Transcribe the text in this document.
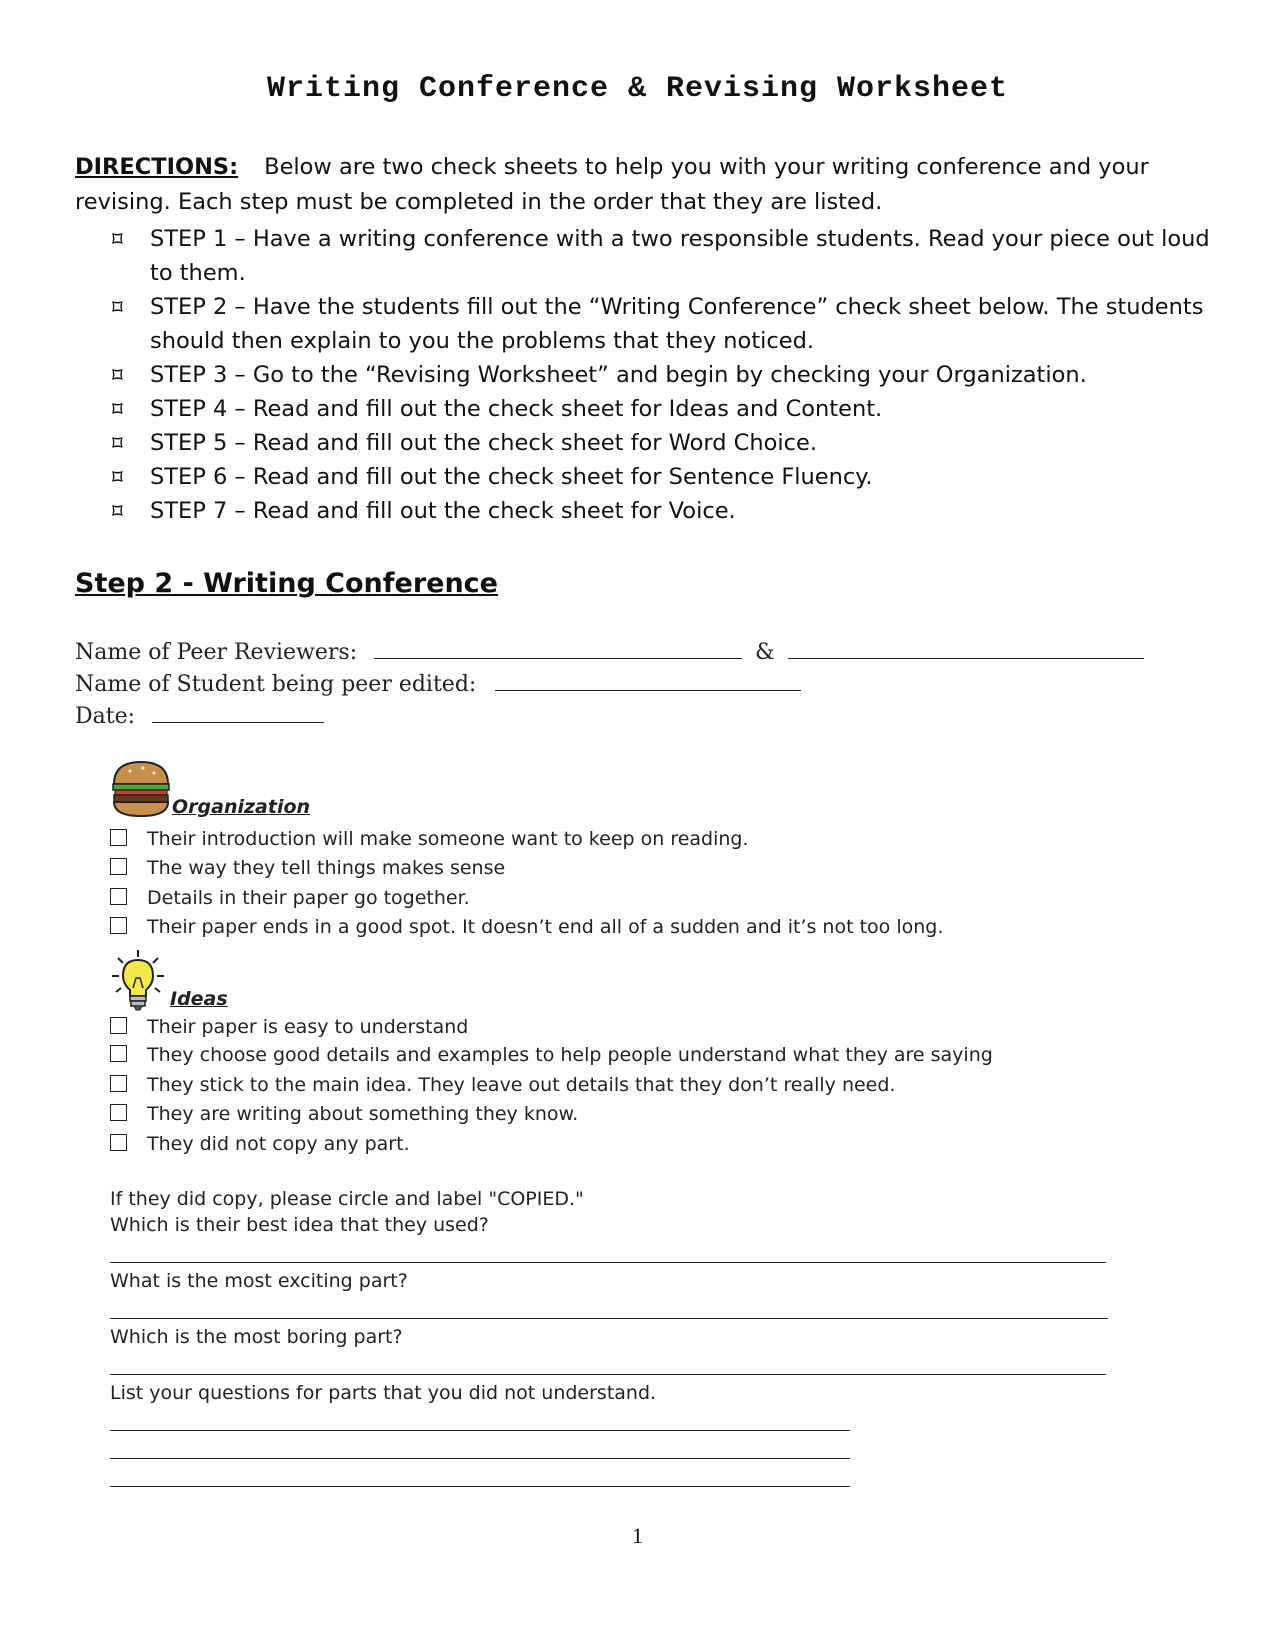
Writing Conference & Revising Worksheet
DIRECTIONS: Below are two check sheets to help you with your writing conference and your revising. Each step must be completed in the order that they are listed.
⌑ STEP 1 – Have a writing conference with a two responsible students. Read your piece out loud to them.
⌑ STEP 2 – Have the students fill out the “Writing Conference” check sheet below. The students should then explain to you the problems that they noticed.
⌑ STEP 3 – Go to the “Revising Worksheet” and begin by checking your Organization.
⌑ STEP 4 – Read and fill out the check sheet for Ideas and Content.
⌑ STEP 5 – Read and fill out the check sheet for Word Choice.
⌑ STEP 6 – Read and fill out the check sheet for Sentence Fluency.
⌑ STEP 7 – Read and fill out the check sheet for Voice.
Step 2 - Writing Conference
Name of Peer Reviewers:	&
Name of Student being peer edited:
Date:
Organization
Their introduction will make someone want to keep on reading.
The way they tell things makes sense
Details in their paper go together.
Their paper ends in a good spot. It doesn’t end all of a sudden and it’s not too long.
Ideas
Their paper is easy to understand
They choose good details and examples to help people understand what they are saying
They stick to the main idea. They leave out details that they don’t really need.
They are writing about something they know.
They did not copy any part.
If they did copy, please circle and label "COPIED."
Which is their best idea that they used?
What is the most exciting part?
Which is the most boring part?
List your questions for parts that you did not understand.
1
